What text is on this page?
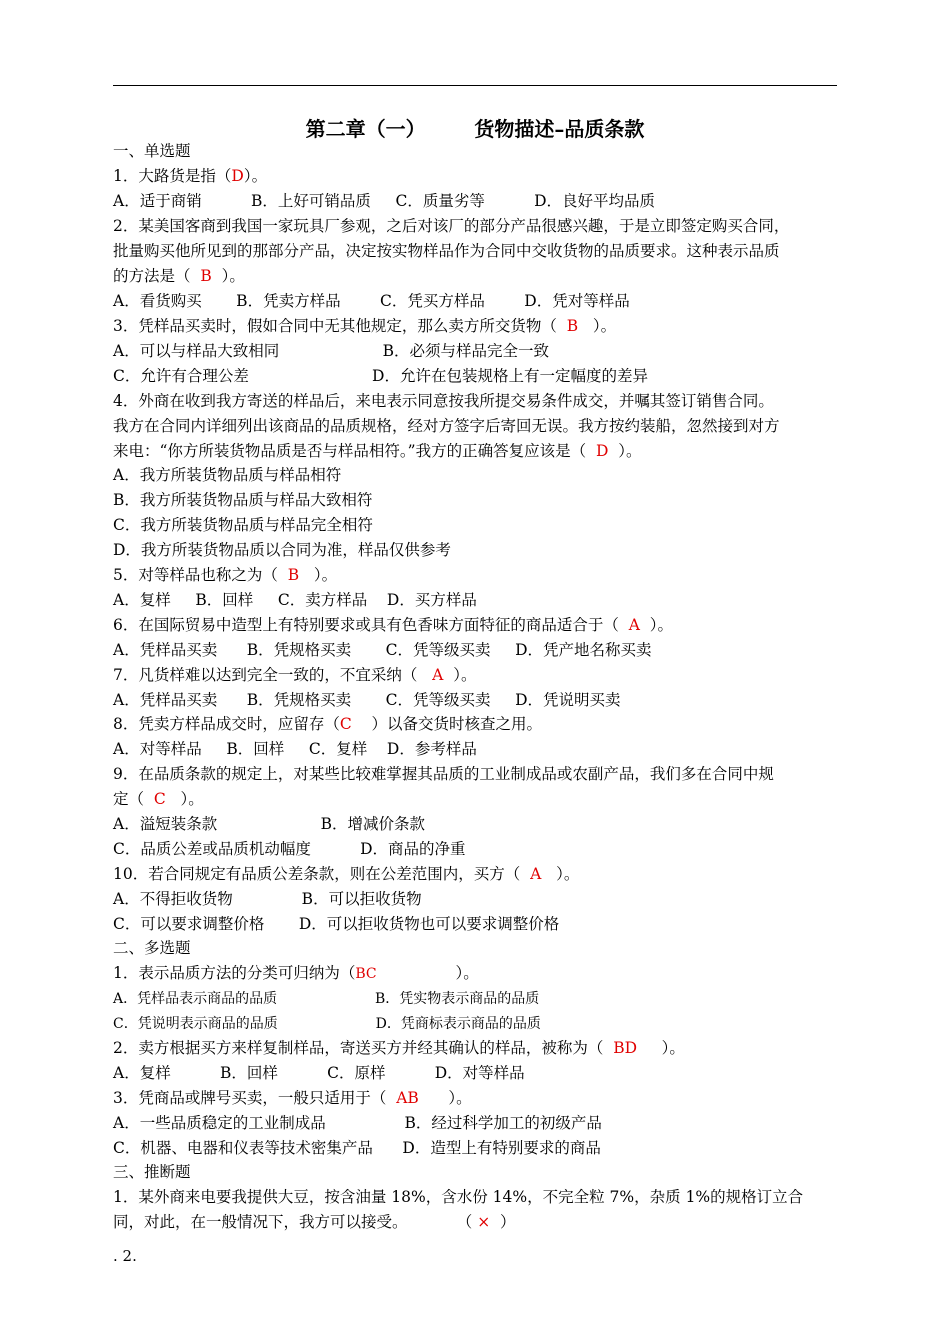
第二章（一）       货物描述–品质条款
一、单选题
1．大路货是指（D）。
A．适于商销          B．上好可销品质     C．质量劣等          D．良好平均品质
2．某美国客商到我国一家玩具厂参观，之后对该厂的部分产品很感兴趣，于是立即签定购买合同，
批量购买他所见到的那部分产品，决定按实物样品作为合同中交收货物的品质要求。这种表示品质
的方法是（  B  ）。
A．看货购买       B．凭卖方样品        C．凭买方样品        D．凭对等样品
3．凭样品买卖时，假如合同中无其他规定，那么卖方所交货物（  B   ）。
A．可以与样品大致相同                     B．必须与样品完全一致
C．允许有合理公差                         D．允许在包装规格上有一定幅度的差异
4．外商在收到我方寄送的样品后，来电表示同意按我所提交易条件成交，并嘱其签订销售合同。
我方在合同内详细列出该商品的品质规格，经对方签字后寄回无误。我方按约装船，忽然接到对方
来电：“你方所装货物品质是否与样品相符。”我方的正确答复应该是（  D  ）。
A．我方所装货物品质与样品相符
B．我方所装货物品质与样品大致相符
C．我方所装货物品质与样品完全相符
D．我方所装货物品质以合同为准，样品仅供参考
5．对等样品也称之为（  B   ）。
A．复样     B．回样     C．卖方样品    D．买方样品
6．在国际贸易中造型上有特别要求或具有色香味方面特征的商品适合于（  A  ）。
A．凭样品买卖      B．凭规格买卖       C．凭等级买卖     D．凭产地名称买卖
7．凡货样难以达到完全一致的，不宜采纳（   A  ）。
A．凭样品买卖      B．凭规格买卖       C．凭等级买卖     D．凭说明买卖
8．凭卖方样品成交时，应留存（C    ）以备交货时核查之用。
A．对等样品     B．回样     C．复样    D．参考样品
9．在品质条款的规定上，对某些比较难掌握其品质的工业制成品或农副产品，我们多在合同中规
定（  C   ）。
A．溢短装条款                     B．增减价条款
C．品质公差或品质机动幅度          D．商品的净重
10．若合同规定有品质公差条款，则在公差范围内，买方（  A   ）。
A．不得拒收货物              B．可以拒收货物
C．可以要求调整价格       D．可以拒收货物也可以要求调整价格
二、多选题
1．表示品质方法的分类可归纳为（BC                ）。
A．凭样品表示商品的品质                      B．凭实物表示商品的品质
C．凭说明表示商品的品质                      D．凭商标表示商品的品质
2．卖方根据买方来样复制样品，寄送买方并经其确认的样品，被称为（  BD     ）。
A．复样          B．回样          C．原样          D．对等样品
3．凭商品或牌号买卖，一般只适用于（  AB      ）。
A．一些品质稳定的工业制成品                B．经过科学加工的初级产品
C．机器、电器和仪表等技术密集产品      D．造型上有特别要求的商品
三、推断题
1．某外商来电要我提供大豆，按含油量 18%，含水份 14%，不完全粒 7%，杂质 1%的规格订立合
同，对此，在一般情况下，我方可以接受。          （ ×  ）
. 2.
